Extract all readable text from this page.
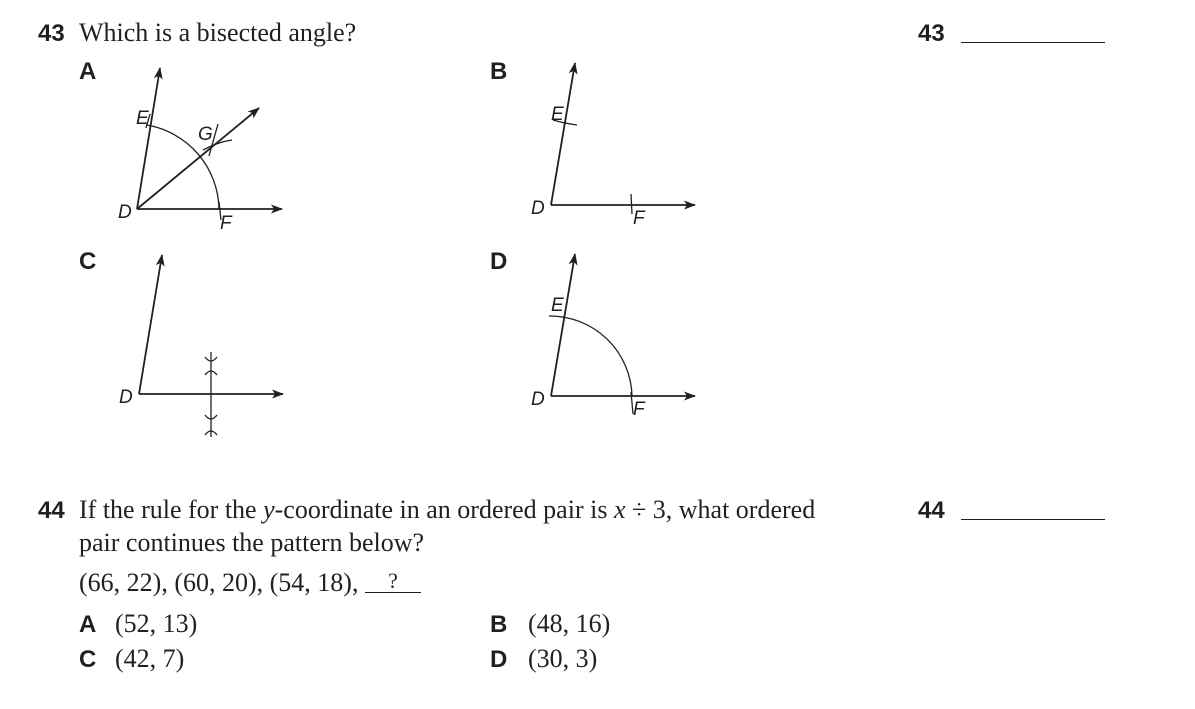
43 Which is a bisected angle?	43
A	B
C	D
E
G
D
F
E
D	F
D
E
D	F
44 If the rule for the y-coordinate in an ordered pair is x ÷ 3, what ordered
pair continues the pattern below?
(66, 22), (60, 20), (54, 18), ?
44
A (52, 13)	B (48, 16)
C (42, 7)	D (30, 3)
